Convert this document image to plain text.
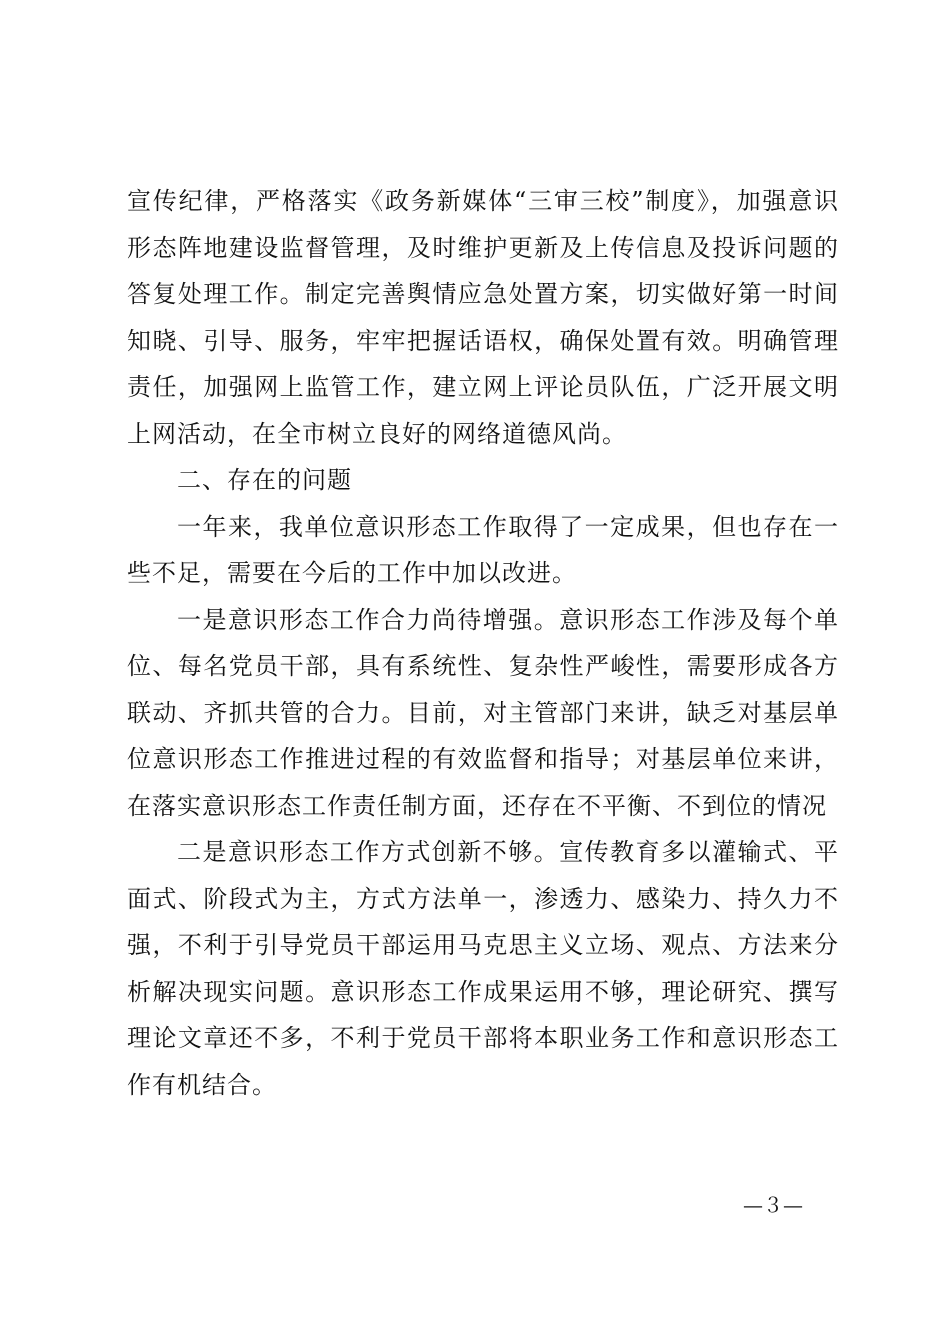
宣传纪律，严格落实《政务新媒体“三审三校”制度》，加强意识形态阵地建设监督管理，及时维护更新及上传信息及投诉问题的答复处理工作。制定完善舆情应急处置方案，切实做好第一时间知晓、引导、服务，牢牢把握话语权，确保处置有效。明确管理责任，加强网上监管工作，建立网上评论员队伍，广泛开展文明上网活动，在全市树立良好的网络道德风尚。

二、存在的问题

一年来，我单位意识形态工作取得了一定成果，但也存在一些不足，需要在今后的工作中加以改进。

一是意识形态工作合力尚待增强。意识形态工作涉及每个单位、每名党员干部，具有系统性、复杂性严峻性，需要形成各方联动、齐抓共管的合力。目前，对主管部门来讲，缺乏对基层单位意识形态工作推进过程的有效监督和指导；对基层单位来讲，在落实意识形态工作责任制方面，还存在不平衡、不到位的情况

二是意识形态工作方式创新不够。宣传教育多以灌输式、平面式、阶段式为主，方式方法单一，渗透力、感染力、持久力不强，不利于引导党员干部运用马克思主义立场、观点、方法来分析解决现实问题。意识形态工作成果运用不够，理论研究、撰写理论文章还不多，不利于党员干部将本职业务工作和意识形态工作有机结合。

—３—
